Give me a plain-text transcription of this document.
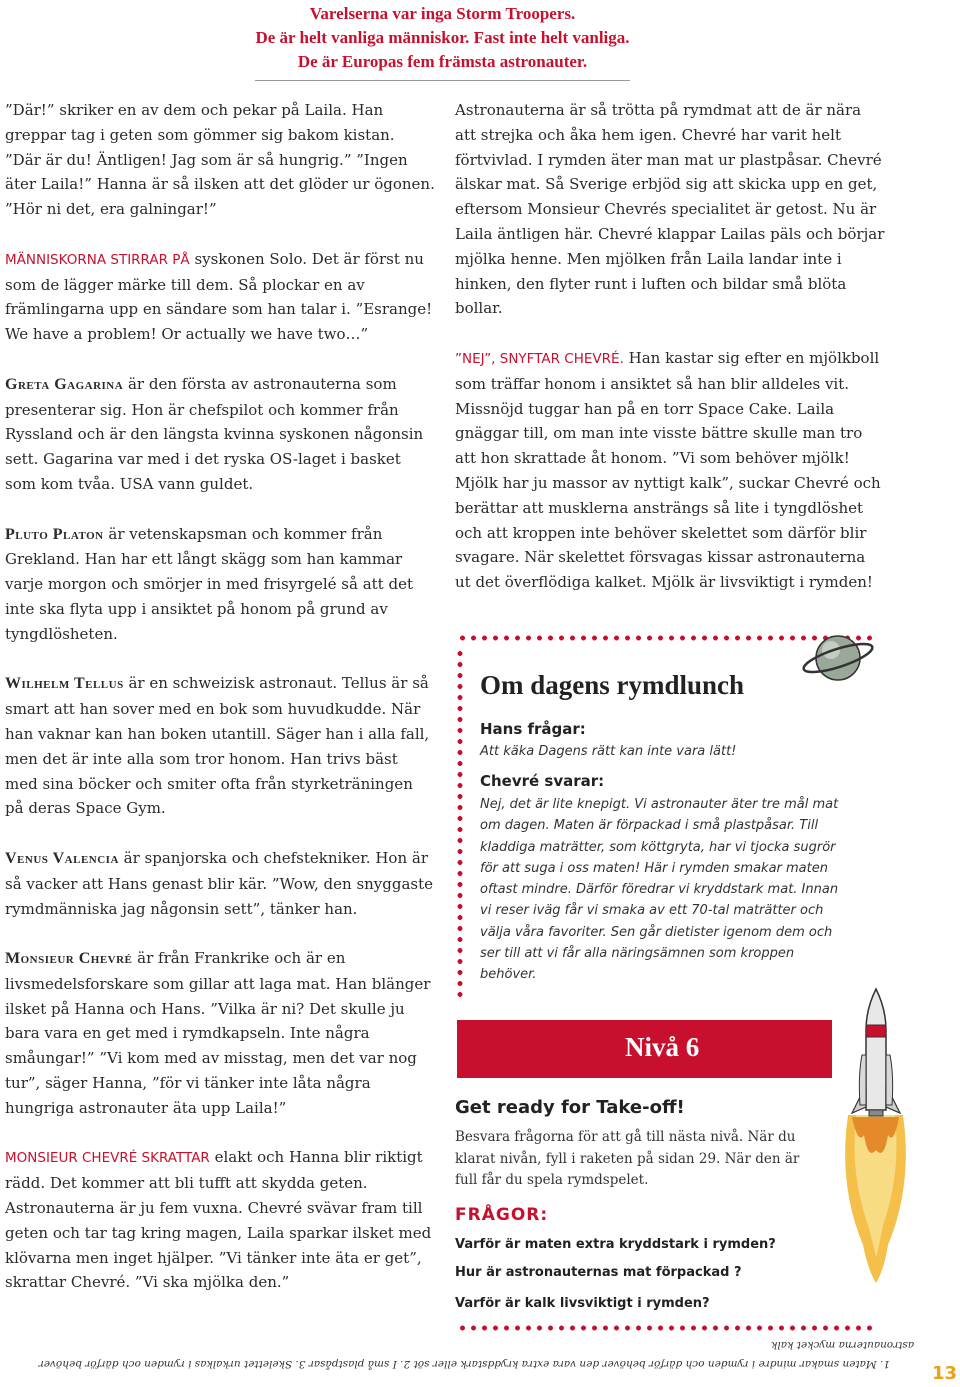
Varelserna var inga Storm Troopers.
De är helt vanliga människor. Fast inte helt vanliga.
De är Europas fem främsta astronauter.

”Där!” skriker en av dem och pekar på Laila. Han greppar tag i geten som gömmer sig bakom kistan. ”Där är du! Äntligen! Jag som är så hungrig.” ”Ingen äter Laila!” Hanna är så ilsken att det glöder ur ögonen. ”Hör ni det, era galningar!”

MÄNNISKORNA STIRRAR PÅ syskonen Solo. Det är först nu som de lägger märke till dem. Så plockar en av främlingarna upp en sändare som han talar i. ”Esrange! We have a problem! Or actually we have two…”

Greta Gagarina är den första av astronauterna som presenterar sig. Hon är chefspilot och kommer från Ryssland och är den längsta kvinna syskonen någonsin sett. Gagarina var med i det ryska OS-laget i basket som kom tvåa. USA vann guldet.

Pluto Platon är vetenskapsman och kommer från Grekland. Han har ett långt skägg som han kammar varje morgon och smörjer in med frisyrgelé så att det inte ska flyta upp i ansiktet på honom på grund av tyngdlösheten.

Wilhelm Tellus är en schweizisk astronaut. Tellus är så smart att han sover med en bok som huvudkudde. När han vaknar kan han boken utantill. Säger han i alla fall, men det är inte alla som tror honom. Han trivs bäst med sina böcker och smiter ofta från styrketräningen på deras Space Gym.

Venus Valencia är spanjorska och chefstekniker. Hon är så vacker att Hans genast blir kär. ”Wow, den snyggaste rymdmänniska jag någonsin sett”, tänker han.

Monsieur Chevré är från Frankrike och är en livsmedelsforskare som gillar att laga mat. Han blänger ilsket på Hanna och Hans. ”Vilka är ni? Det skulle ju bara vara en get med i rymdkapseln. Inte några småungar!” ”Vi kom med av misstag, men det var nog tur”, säger Hanna, ”för vi tänker inte låta några hungriga astronauter äta upp Laila!”

MONSIEUR CHEVRÉ SKRATTAR elakt och Hanna blir riktigt rädd. Det kommer att bli tufft att skydda geten. Astronauterna är ju fem vuxna. Chevré svävar fram till geten och tar tag kring magen, Laila sparkar ilsket med klövarna men inget hjälper. ”Vi tänker inte äta er get”, skrattar Chevré. ”Vi ska mjölka den.”

Astronauterna är så trötta på rymdmat att de är nära att strejka och åka hem igen. Chevré har varit helt förtvivlad. I rymden äter man mat ur plastpåsar. Chevré älskar mat. Så Sverige erbjöd sig att skicka upp en get, eftersom Monsieur Chevrés specialitet är getost. Nu är Laila äntligen här. Chevré klappar Lailas päls och börjar mjölka henne. Men mjölken från Laila landar inte i hinken, den flyter runt i luften och bildar små blöta bollar.

”NEJ”, SNYFTAR CHEVRÉ. Han kastar sig efter en mjölkboll som träffar honom i ansiktet så han blir alldeles vit. Missnöjd tuggar han på en torr Space Cake. Laila gnäggar till, om man inte visste bättre skulle man tro att hon skrattade åt honom. ”Vi som behöver mjölk! Mjölk har ju massor av nyttigt kalk”, suckar Chevré och berättar att musklerna ansträngs så lite i tyngdlöshet och att kroppen inte behöver skelettet som därför blir svagare. När skelettet försvagas kissar astronauterna ut det överflödiga kalket. Mjölk är livsviktigt i rymden!

Om dagens rymdlunch
Hans frågar:
Att käka Dagens rätt kan inte vara lätt!
Chevré svarar:
Nej, det är lite knepigt. Vi astronauter äter tre mål mat om dagen. Maten är förpackad i små plastpåsar. Till kladdiga maträtter, som köttgryta, har vi tjocka sugrör för att suga i oss maten! Här i rymden smakar maten oftast mindre. Därför föredrar vi kryddstark mat. Innan vi reser iväg får vi smaka av ett 70-tal maträtter och välja våra favoriter. Sen går dietister igenom dem och ser till att vi får alla näringsämnen som kroppen behöver.
Nivå 6
Get ready for Take-off!
Besvara frågorna för att gå till nästa nivå. När du klarat nivån, fyll i raketen på sidan 29. När den är full får du spela rymdspelet.
FRÅGOR:
Varför är maten extra kryddstark i rymden?
Hur är astronauternas mat förpackad ?
Varför är kalk livsviktigt i rymden?
astronauterna mycket kalk
1. Maten smakar mindre i rymden och därför behöver den vara extra kryddstark eller söt 2. I små plastpåsar 3. Skelettet urkalkas i rymden och därför behöver 13
